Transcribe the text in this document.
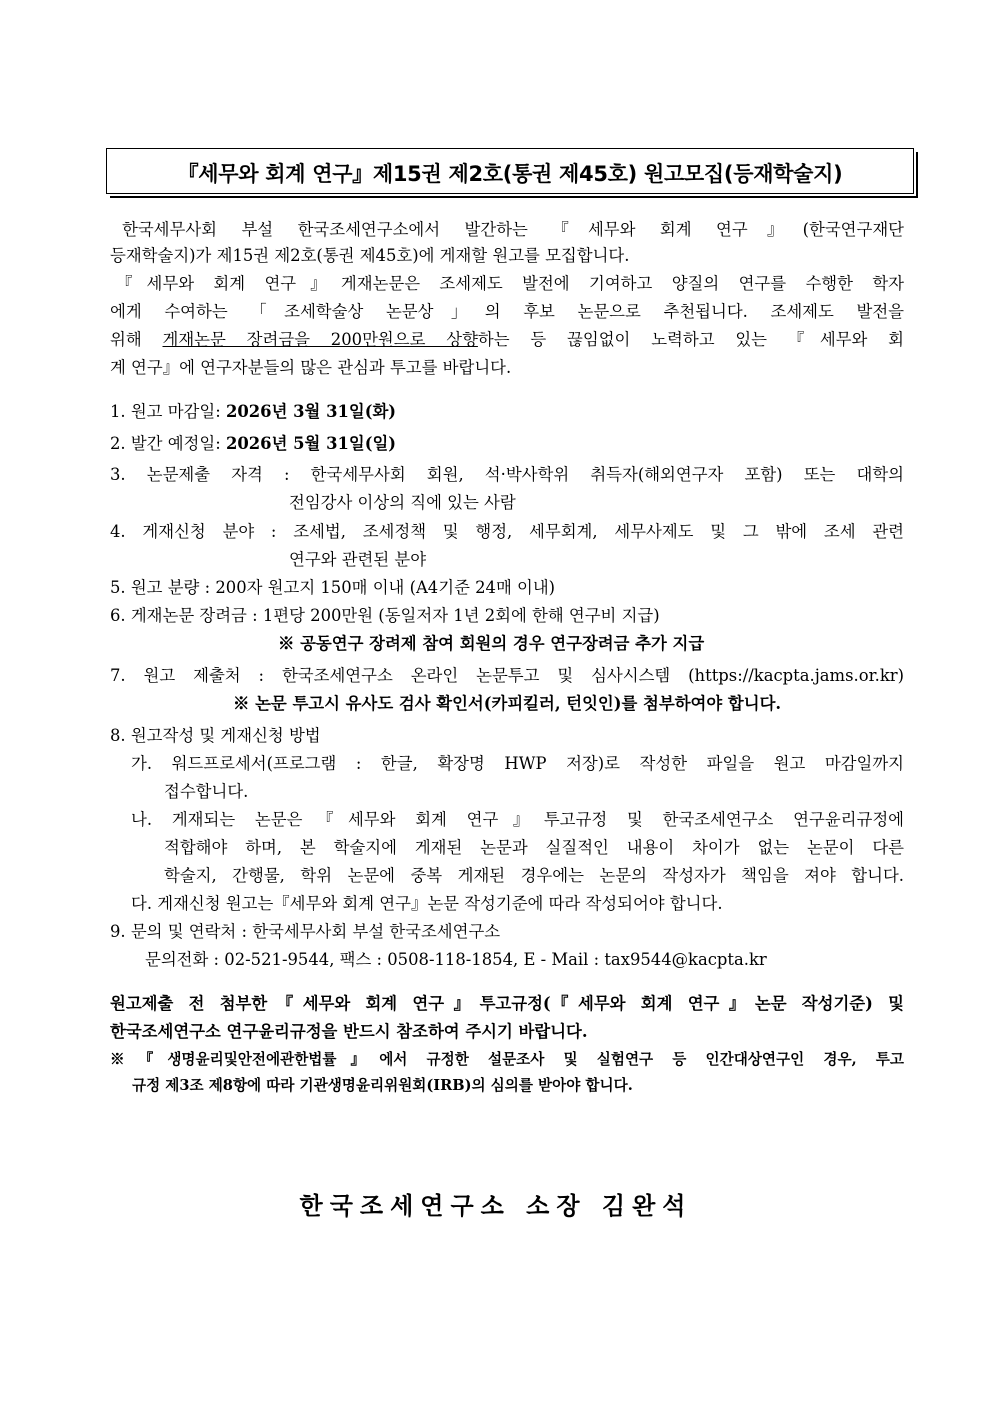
『세무와 회계 연구』제15권 제2호(통권 제45호) 원고모집(등재학술지)
한국세무사회 부설 한국조세연구소에서 발간하는 『세무와 회계 연구』(한국연구재단
등재학술지)가 제15권 제2호(통권 제45호)에 게재할 원고를 모집합니다.
『세무와 회계 연구』게재논문은 조세제도 발전에 기여하고 양질의 연구를 수행한 학자
에게 수여하는 「조세학술상 논문상」의 후보 논문으로 추천됩니다. 조세제도 발전을
위해 게재논문 장려금을 200만원으로 상향하는 등 끊임없이 노력하고 있는 『세무와 회
계 연구』에 연구자분들의 많은 관심과 투고를 바랍니다.
1. 원고 마감일: 2026년 3월 31일(화)
2. 발간 예정일: 2026년 5월 31일(일)
3. 논문제출 자격 : 한국세무사회 회원, 석·박사학위 취득자(해외연구자 포함) 또는 대학의
전임강사 이상의 직에 있는 사람
4. 게재신청 분야 : 조세법, 조세정책 및 행정, 세무회계, 세무사제도 및 그 밖에 조세 관련
연구와 관련된 분야
5. 원고 분량 : 200자 원고지 150매 이내 (A4기준 24매 이내)
6. 게재논문 장려금 : 1편당 200만원 (동일저자 1년 2회에 한해 연구비 지급)
※ 공동연구 장려제 참여 회원의 경우 연구장려금 추가 지급
7. 원고 제출처 : 한국조세연구소 온라인 논문투고 및 심사시스템 (https://kacpta.jams.or.kr)
※ 논문 투고시 유사도 검사 확인서(카피킬러, 턴잇인)를 첨부하여야 합니다.
8. 원고작성 및 게재신청 방법
가. 워드프로세서(프로그램 : 한글, 확장명 HWP 저장)로 작성한 파일을 원고 마감일까지
접수합니다.
나. 게재되는 논문은『세무와 회계 연구』투고규정 및 한국조세연구소 연구윤리규정에
적합해야 하며, 본 학술지에 게재된 논문과 실질적인 내용이 차이가 없는 논문이 다른
학술지, 간행물, 학위 논문에 중복 게재된 경우에는 논문의 작성자가 책임을 져야 합니다.
다. 게재신청 원고는『세무와 회계 연구』논문 작성기준에 따라 작성되어야 합니다.
9. 문의 및 연락처 : 한국세무사회 부설 한국조세연구소
문의전화 : 02-521-9544, 팩스 : 0508-118-1854, E - Mail : tax9544@kacpta.kr
원고제출 전 첨부한『세무와 회계 연구』투고규정(『세무와 회계 연구』논문 작성기준) 및
한국조세연구소 연구윤리규정을 반드시 참조하여 주시기 바랍니다.
※『생명윤리및안전에관한법률』에서 규정한 설문조사 및 실험연구 등 인간대상연구인 경우, 투고
규정 제3조 제8항에 따라 기관생명윤리위원회(IRB)의 심의를 받아야 합니다.
한국조세연구소 소장 김완석
